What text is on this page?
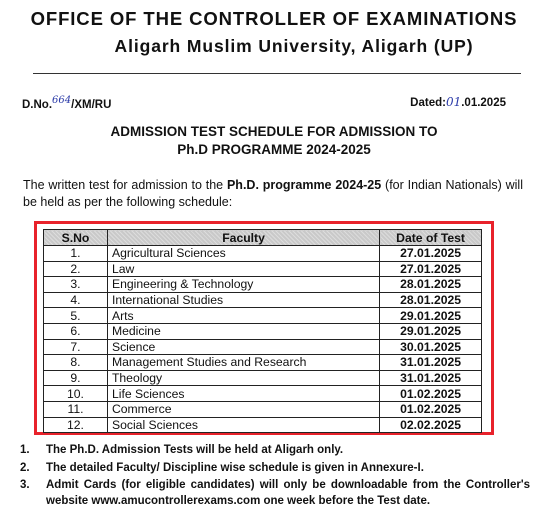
OFFICE OF THE CONTROLLER OF EXAMINATIONS
Aligarh Muslim University, Aligarh (UP)
D.No.664/XM/RU	Dated:01.01.2025
ADMISSION TEST SCHEDULE FOR ADMISSION TO
Ph.D PROGRAMME 2024-2025
The written test for admission to the Ph.D. programme 2024-25 (for Indian Nationals) will be held as per the following schedule:
S.No	Faculty	Date of Test
1.	Agricultural Sciences	27.01.2025
2.	Law	27.01.2025
3.	Engineering & Technology	28.01.2025
4.	International Studies	28.01.2025
5.	Arts	29.01.2025
6.	Medicine	29.01.2025
7.	Science	30.01.2025
8.	Management Studies and Research	31.01.2025
9.	Theology	31.01.2025
10.	Life Sciences	01.02.2025
11.	Commerce	01.02.2025
12.	Social Sciences	02.02.2025
1.	The Ph.D. Admission Tests will be held at Aligarh only.
2.	The detailed Faculty/ Discipline wise schedule is given in Annexure-I.
3.	Admit Cards (for eligible candidates) will only be downloadable from the Controller's website www.amucontrollerexams.com one week before the Test date.
